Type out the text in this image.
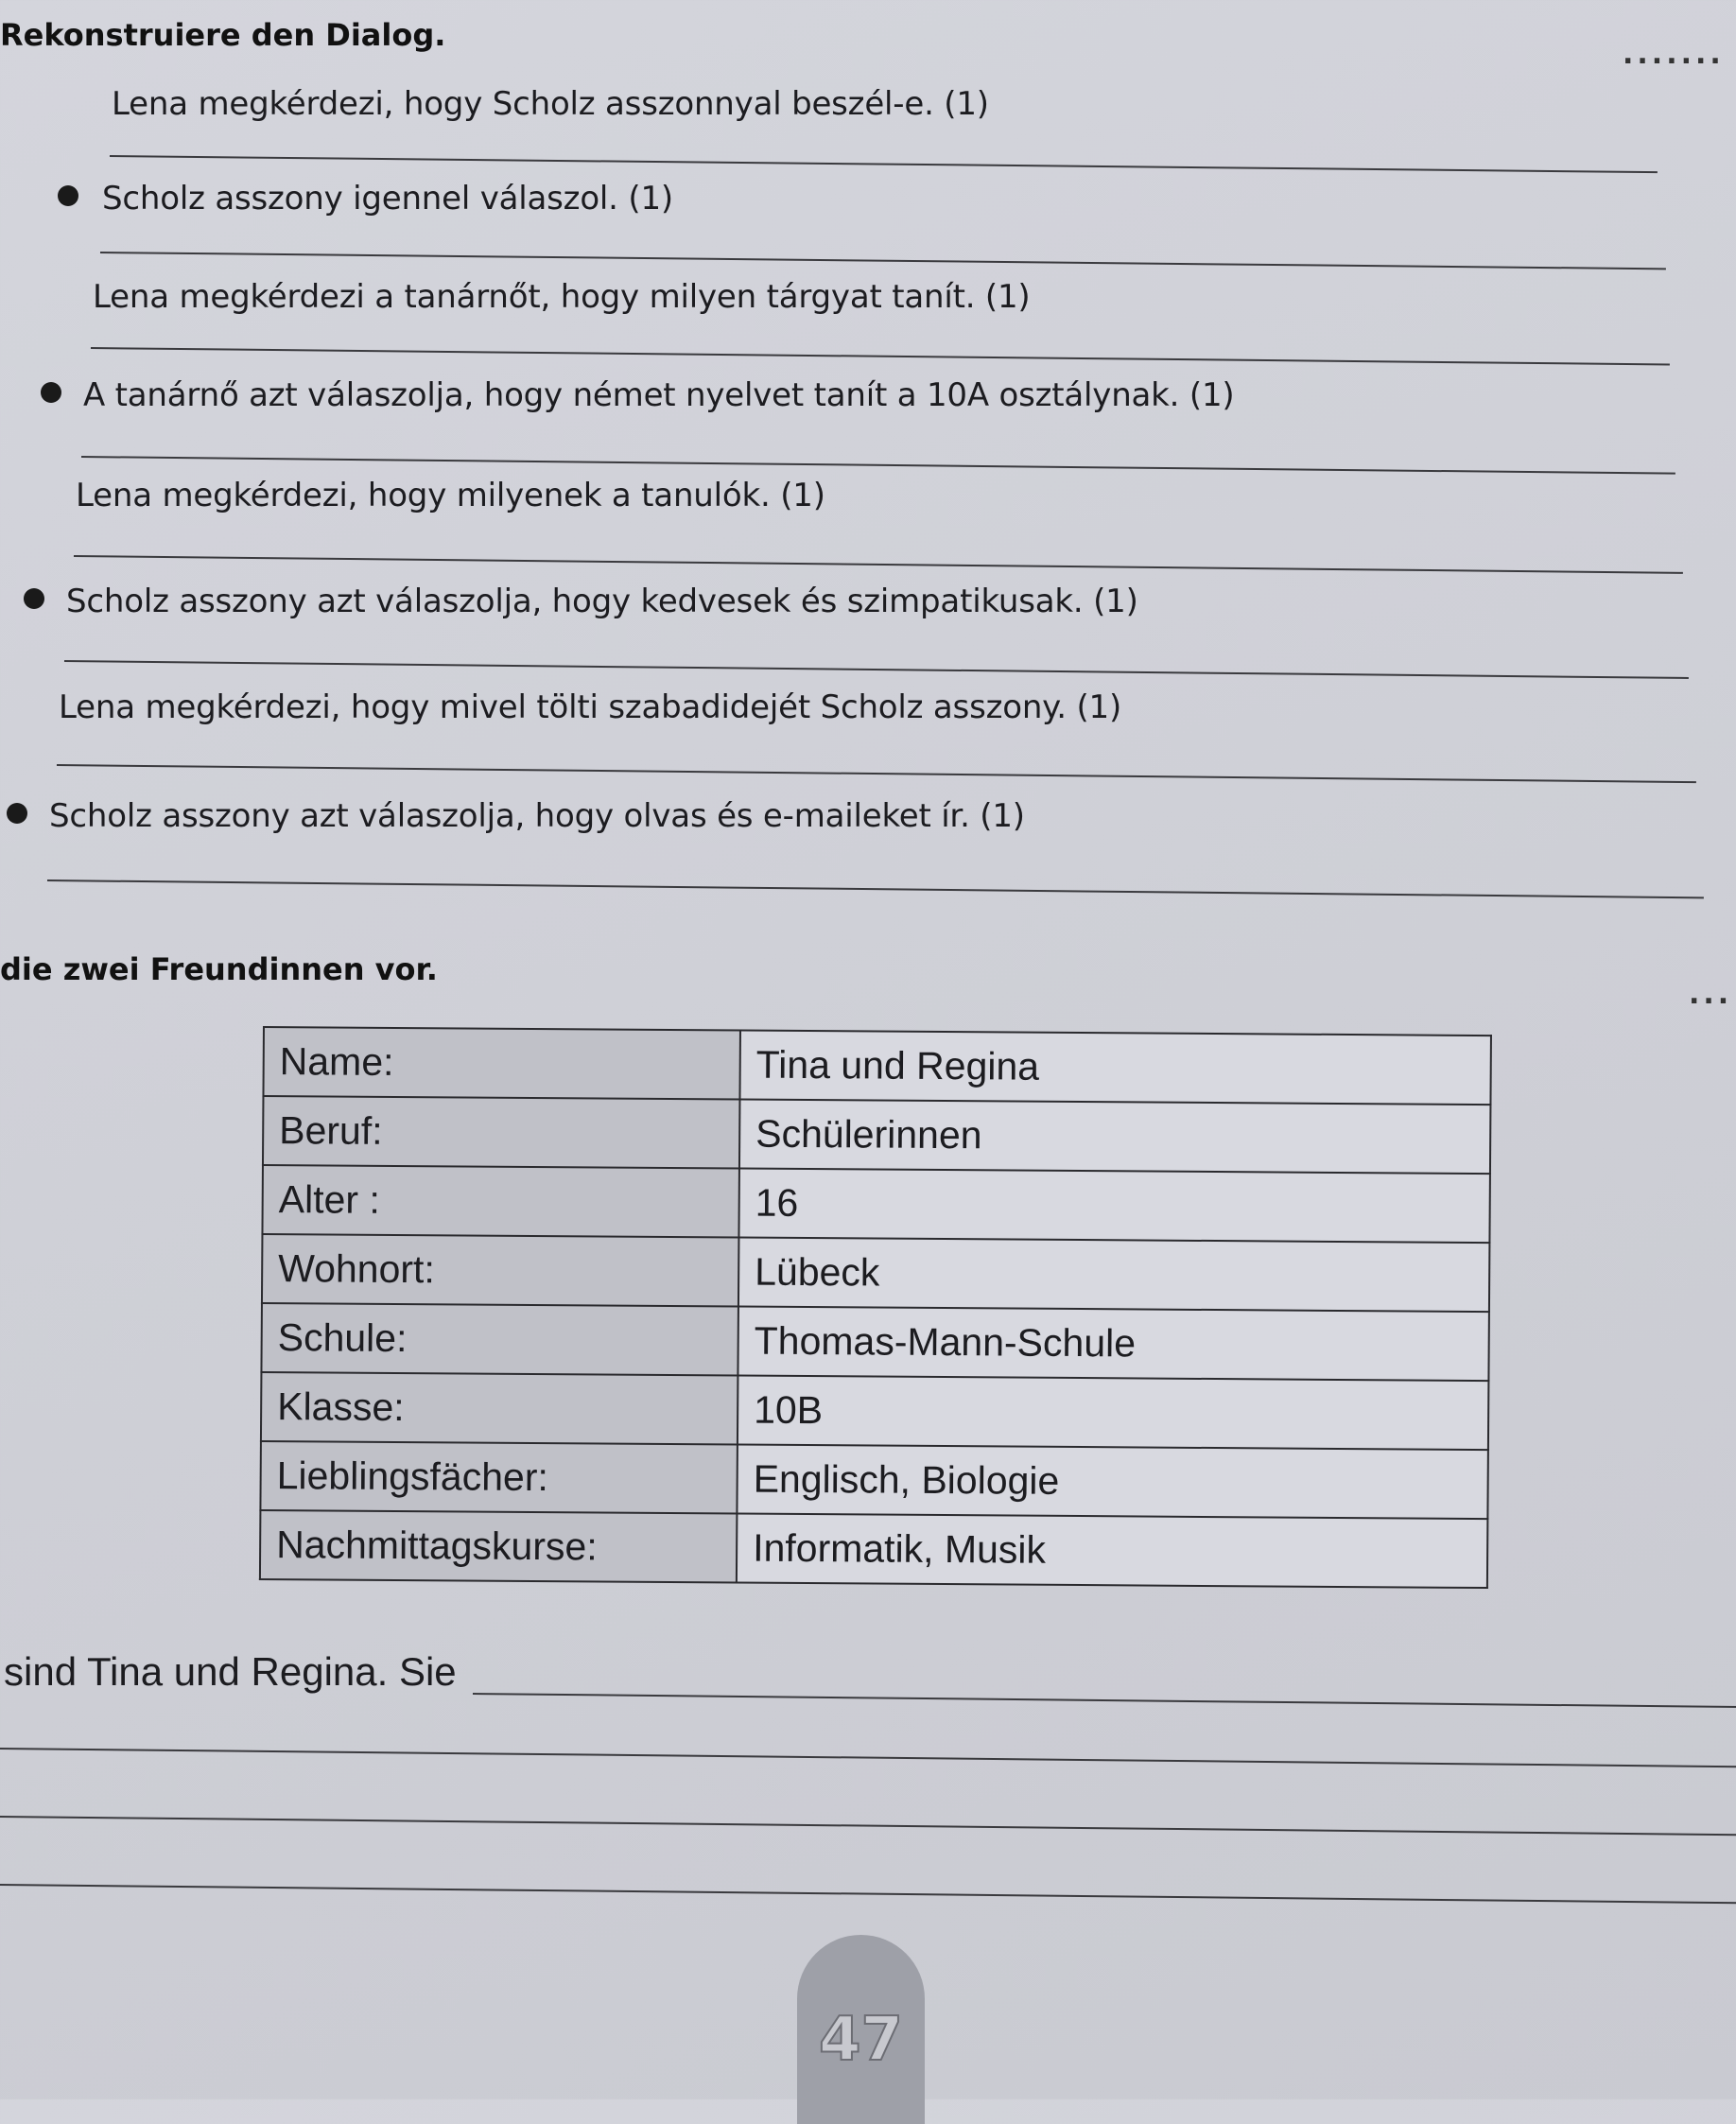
Rekonstruiere den Dialog.
.......
Lena megkérdezi, hogy Scholz asszonnyal beszél-e. (1)
Scholz asszony igennel válaszol. (1)
Lena megkérdezi a tanárnőt, hogy milyen tárgyat tanít. (1)
A tanárnő azt válaszolja, hogy német nyelvet tanít a 10A osztálynak. (1)
Lena megkérdezi, hogy milyenek a tanulók. (1)
Scholz asszony azt válaszolja, hogy kedvesek és szimpatikusak. (1)
Lena megkérdezi, hogy mivel tölti szabadidejét Scholz asszony. (1)
Scholz asszony azt válaszolja, hogy olvas és e-maileket ír. (1)
die zwei Freundinnen vor.
...
Name:	Tina und Regina
Beruf:	Schülerinnen
Alter :	16
Wohnort:	Lübeck
Schule:	Thomas-Mann-Schule
Klasse:	10B
Lieblingsfächer:	Englisch, Biologie
Nachmittagskurse:	Informatik, Musik
sind Tina und Regina. Sie
47
